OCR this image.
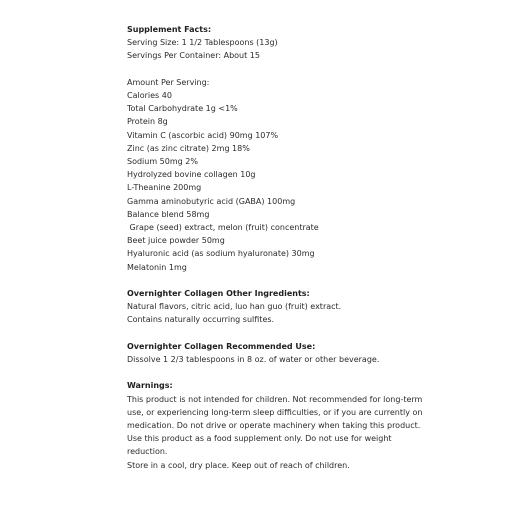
Supplement Facts:
Serving Size: 1 1/2 Tablespoons (13g)
Servings Per Container: About 15
Amount Per Serving:
Calories 40
Total Carbohydrate 1g <1%
Protein 8g
Vitamin C (ascorbic acid) 90mg 107%
Zinc (as zinc citrate) 2mg 18%
Sodium 50mg 2%
Hydrolyzed bovine collagen 10g
L-Theanine 200mg
Gamma aminobutyric acid (GABA) 100mg
Balance blend 58mg
Grape (seed) extract, melon (fruit) concentrate
Beet juice powder 50mg
Hyaluronic acid (as sodium hyaluronate) 30mg
Melatonin 1mg
Overnighter Collagen Other Ingredients:
Natural flavors, citric acid, luo han guo (fruit) extract.
Contains naturally occurring sulfites.
Overnighter Collagen Recommended Use:
Dissolve 1 2/3 tablespoons in 8 oz. of water or other beverage.
Warnings:
This product is not intended for children. Not recommended for long-term
use, or experiencing long-term sleep difficulties, or if you are currently on
medication. Do not drive or operate machinery when taking this product.
Use this product as a food supplement only. Do not use for weight
reduction.
Store in a cool, dry place. Keep out of reach of children.
